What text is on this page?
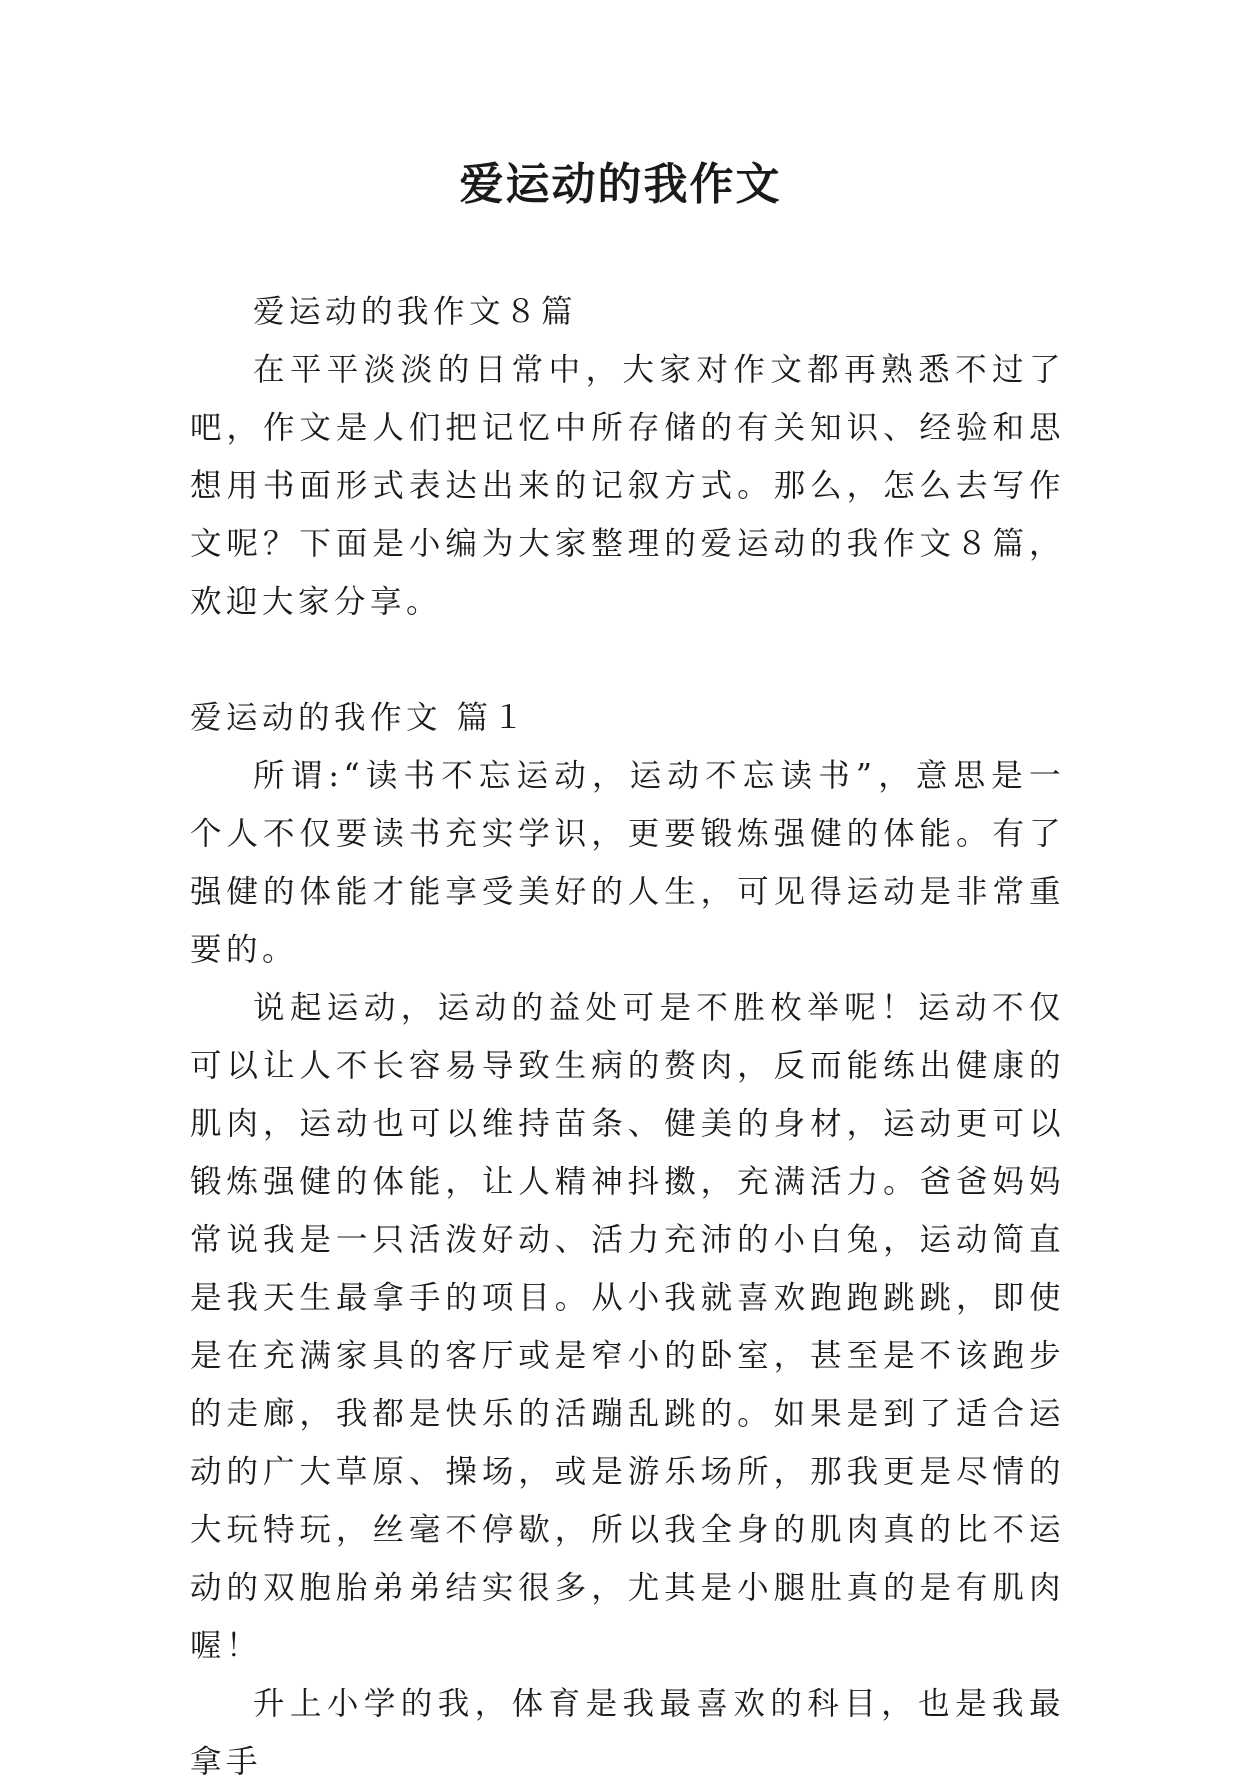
爱运动的我作文

爱运动的我作文８篇

在平平淡淡的日常中，大家对作文都再熟悉不过了吧，作文是人们把记忆中所存储的有关知识、经验和思想用书面形式表达出来的记叙方式。那么，怎么去写作文呢？下面是小编为大家整理的爱运动的我作文８篇，欢迎大家分享。

爱运动的我作文 篇１

所谓:“读书不忘运动，运动不忘读书”，意思是一个人不仅要读书充实学识，更要锻炼强健的体能。有了强健的体能才能享受美好的人生，可见得运动是非常重要的。

说起运动，运动的益处可是不胜枚举呢！运动不仅可以让人不长容易导致生病的赘肉，反而能练出健康的肌肉，运动也可以维持苗条、健美的身材，运动更可以锻炼强健的体能，让人精神抖擞，充满活力。爸爸妈妈常说我是一只活泼好动、活力充沛的小白兔，运动简直是我天生最拿手的项目。从小我就喜欢跑跑跳跳，即使是在充满家具的客厅或是窄小的卧室，甚至是不该跑步的走廊，我都是快乐的活蹦乱跳的。如果是到了适合运动的广大草原、操场，或是游乐场所，那我更是尽情的大玩特玩，丝毫不停歇，所以我全身的肌肉真的比不运动的双胞胎弟弟结实很多，尤其是小腿肚真的是有肌肉喔！

升上小学的我，体育是我最喜欢的科目，也是我最拿手
